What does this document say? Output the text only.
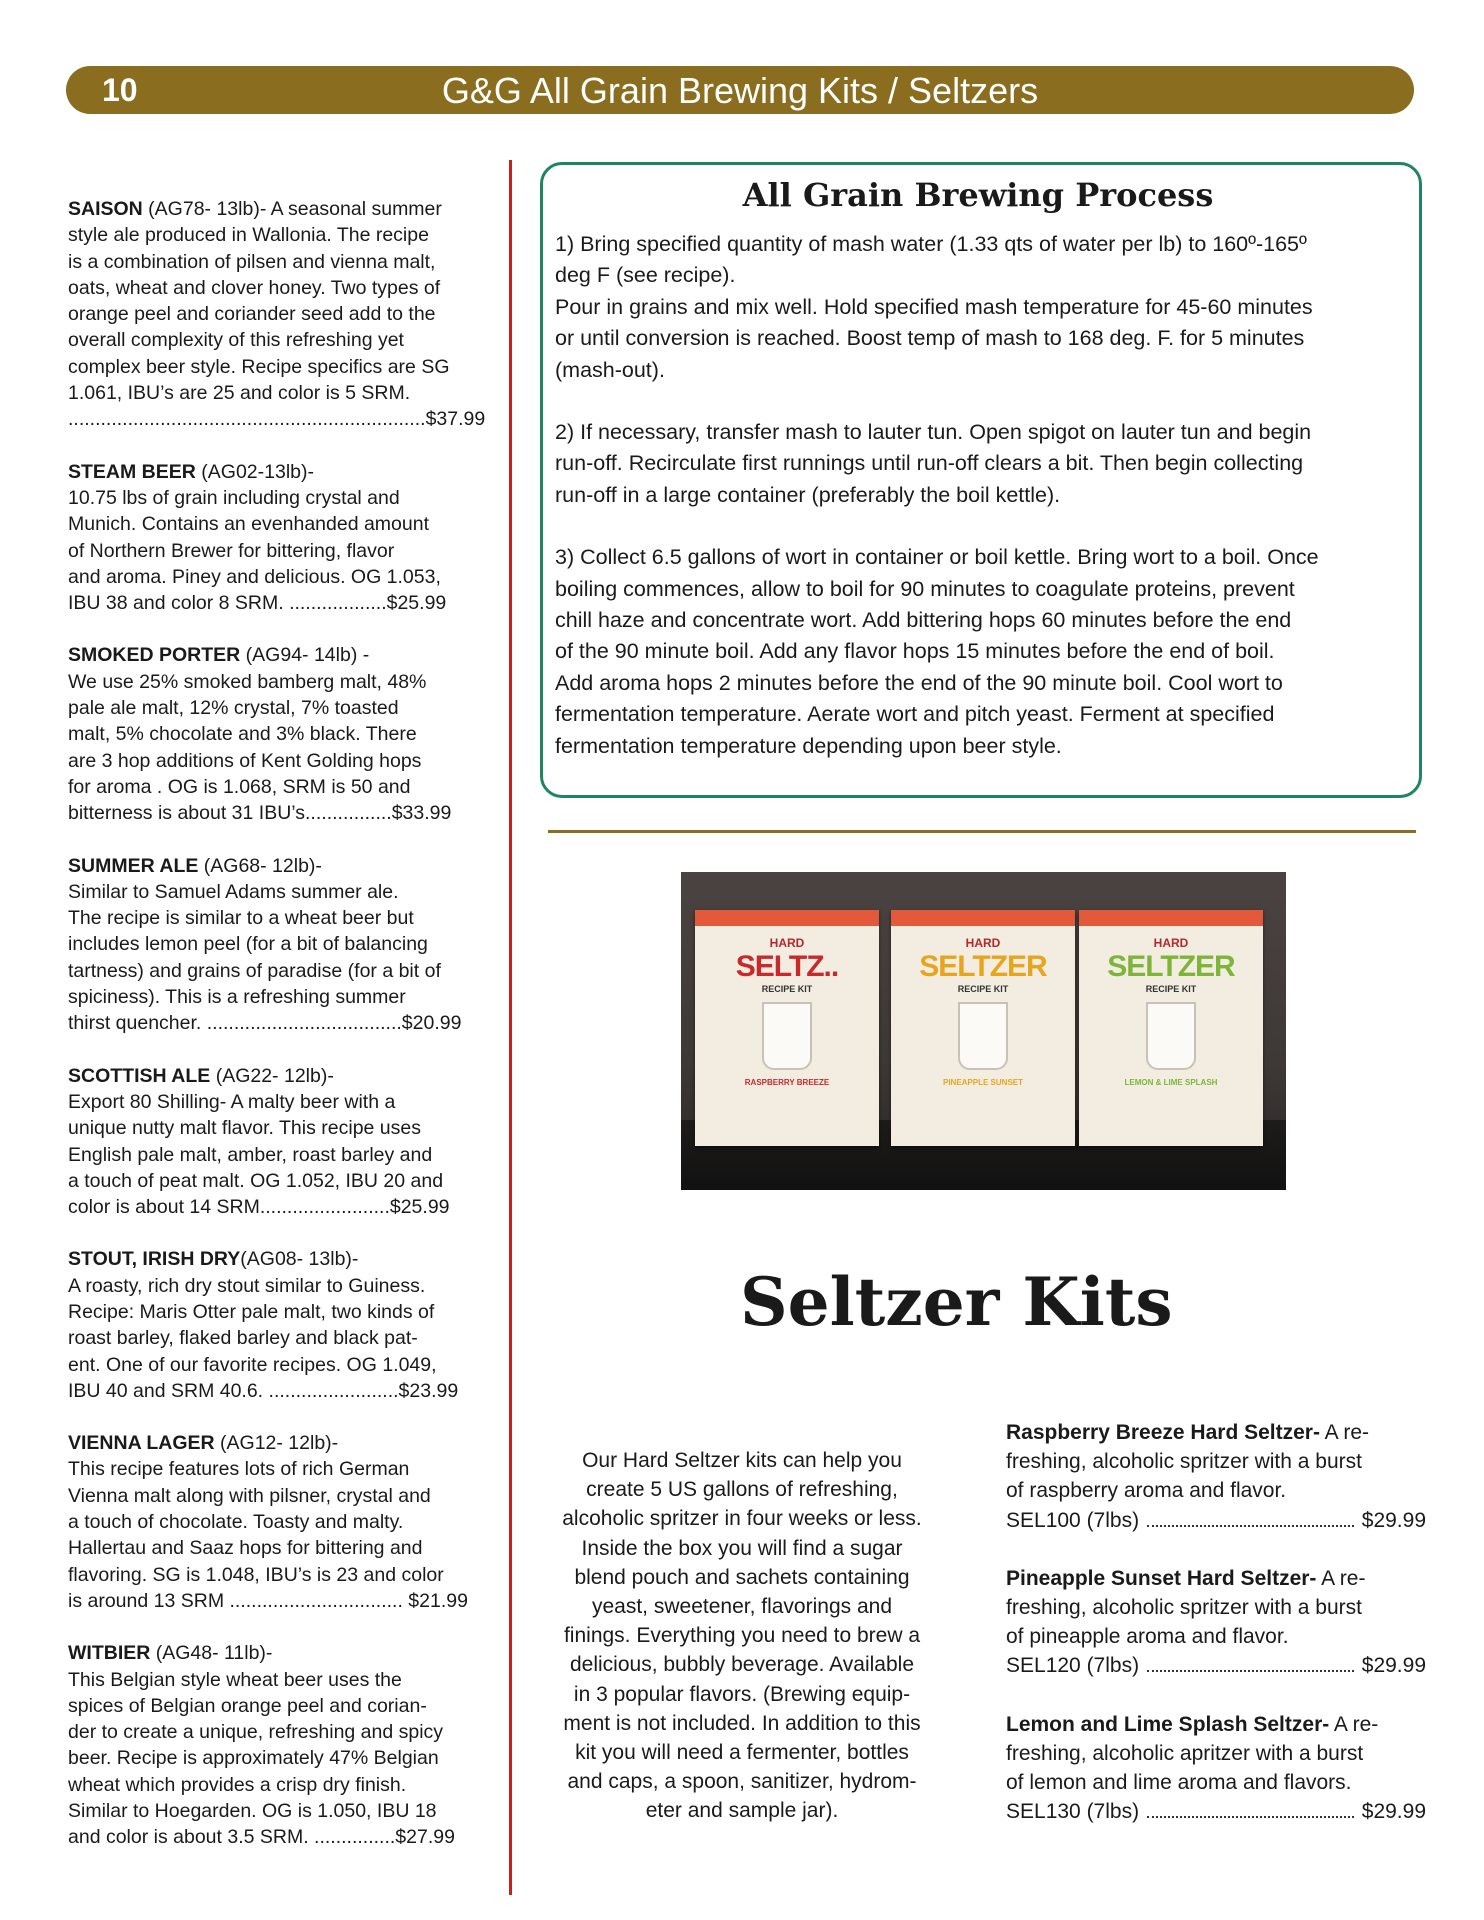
10	G&G All Grain Brewing Kits / Seltzers

SAISON (AG78- 13lb)- A seasonal summer

style ale produced in Wallonia. The recipe

is a combination of pilsen and vienna malt,

oats, wheat and clover honey. Two types of

orange peel and coriander seed add to the

overall complexity of this refreshing yet

complex beer style. Recipe specifics are SG

1.061, IBU’s are 25 and color is 5 SRM.

..................................................................$37.99

STEAM BEER (AG02-13lb)-

10.75 lbs of grain including crystal and

Munich. Contains an evenhanded amount

of Northern Brewer for bittering, flavor

and aroma. Piney and delicious. OG 1.053,

IBU 38 and color 8 SRM. ..................$25.99

SMOKED PORTER (AG94- 14lb) -

We use 25% smoked bamberg malt, 48%

pale ale malt, 12% crystal, 7% toasted

malt, 5% chocolate and 3% black. There

are 3 hop additions of Kent Golding hops

for aroma . OG is 1.068, SRM is 50 and

bitterness is about 31 IBU’s................$33.99

SUMMER ALE (AG68- 12lb)-

Similar to Samuel Adams summer ale.

The recipe is similar to a wheat beer but

includes lemon peel (for a bit of balancing

tartness) and grains of paradise (for a bit of

spiciness). This is a refreshing summer

thirst quencher. ....................................$20.99

SCOTTISH ALE (AG22- 12lb)-

Export 80 Shilling- A malty beer with a

unique nutty malt flavor. This recipe uses

English pale malt, amber, roast barley and

a touch of peat malt. OG 1.052, IBU 20 and

color is about 14 SRM........................$25.99

STOUT, IRISH DRY(AG08- 13lb)-

A roasty, rich dry stout similar to Guiness.

Recipe: Maris Otter pale malt, two kinds of

roast barley, flaked barley and black pat-

ent. One of our favorite recipes. OG 1.049,

IBU 40 and SRM 40.6. ........................$23.99

VIENNA LAGER (AG12- 12lb)-

This recipe features lots of rich German

Vienna malt along with pilsner, crystal and

a touch of chocolate. Toasty and malty.

Hallertau and Saaz hops for bittering and

flavoring. SG is 1.048, IBU’s is 23 and color

is around 13 SRM ................................ $21.99

WITBIER (AG48- 11lb)-

This Belgian style wheat beer uses the

spices of Belgian orange peel and corian-

der to create a unique, refreshing and spicy

beer. Recipe is approximately 47% Belgian

wheat which provides a crisp dry finish.

Similar to Hoegarden. OG is 1.050, IBU 18

and color is about 3.5 SRM. ...............$27.99

All Grain Brewing Process

1) Bring specified quantity of mash water (1.33 qts of water per lb) to 160º-165º

deg F (see recipe).

Pour in grains and mix well. Hold specified mash temperature for 45-60 minutes

or until conversion is reached. Boost temp of mash to 168 deg. F. for 5 minutes

(mash-out).

2) If necessary, transfer mash to lauter tun. Open spigot on lauter tun and begin

run-off. Recirculate first runnings until run-off clears a bit. Then begin collecting

run-off in a large container (preferably the boil kettle).

3) Collect 6.5 gallons of wort in container or boil kettle. Bring wort to a boil. Once

boiling commences, allow to boil for 90 minutes to coagulate proteins, prevent

chill haze and concentrate wort. Add bittering hops 60 minutes before the end

of the 90 minute boil. Add any flavor hops 15 minutes before the end of boil.

Add aroma hops 2 minutes before the end of the 90 minute boil. Cool wort to

fermentation temperature. Aerate wort and pitch yeast. Ferment at specified

fermentation temperature depending upon beer style.

HARD
SELTZ..
RECIPE KIT
RASPBERRY BREEZE
HARD
SELTZER
RECIPE KIT
PINEAPPLE SUNSET
HARD
SELTZER
RECIPE KIT
LEMON & LIME SPLASH
Seltzer Kits
Our Hard Seltzer kits can help you
create 5 US gallons of refreshing,
alcoholic spritzer in four weeks or less.
Inside the box you will find a sugar
blend pouch and sachets containing
yeast, sweetener, flavorings and
finings. Everything you need to brew a
delicious, bubbly beverage. Available
in 3 popular flavors. (Brewing equip-
ment is not included. In addition to this
kit you will need a fermenter, bottles
and caps, a spoon, sanitizer, hydrom-
eter and sample jar).

Raspberry Breeze Hard Seltzer- A re-

freshing, alcoholic spritzer with a burst

of raspberry aroma and flavor.

SEL100 (7lbs)	$29.99

Pineapple Sunset Hard Seltzer- A re-

freshing, alcoholic spritzer with a burst

of pineapple aroma and flavor.

SEL120 (7lbs)	$29.99

Lemon and Lime Splash Seltzer- A re-

freshing, alcoholic apritzer with a burst

of lemon and lime aroma and flavors.

SEL130 (7lbs)	$29.99
